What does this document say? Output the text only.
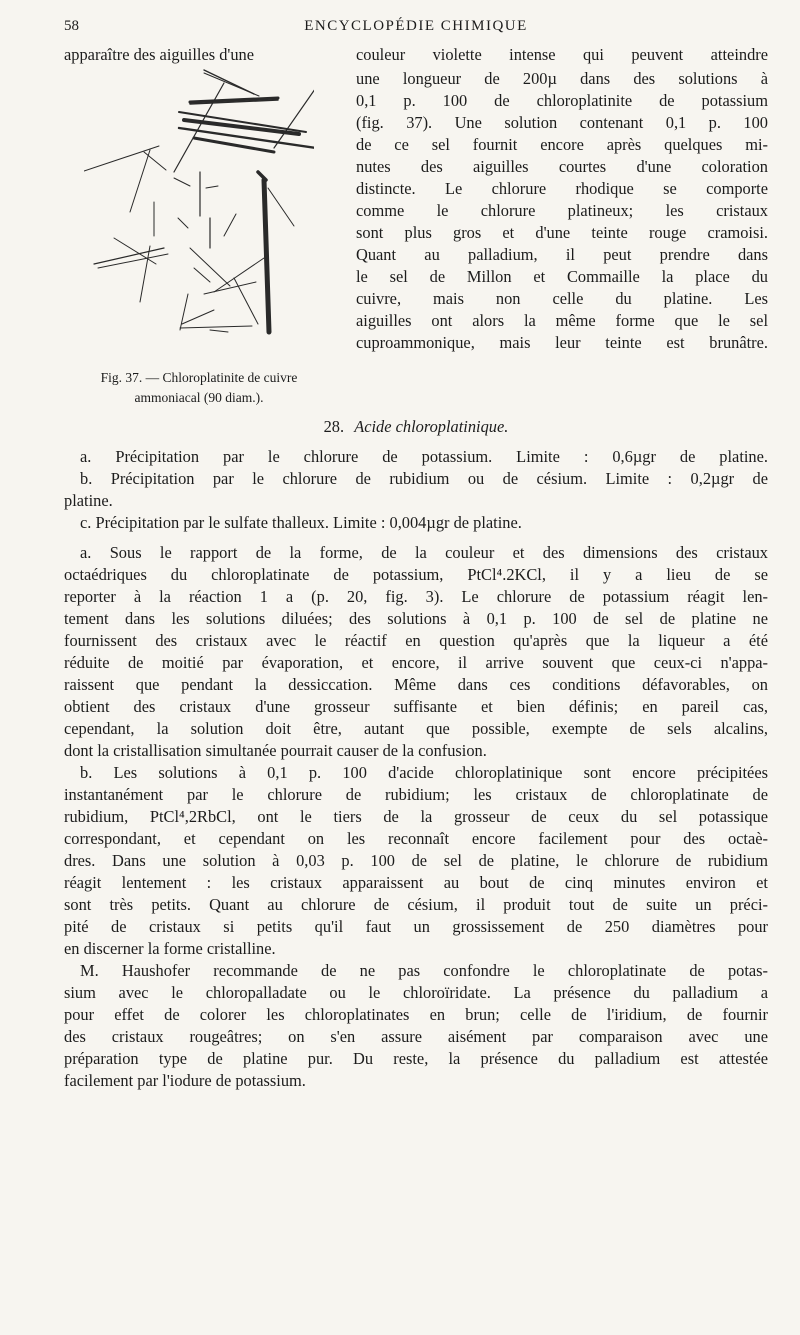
58	ENCYCLOPÉDIE CHIMIQUE
apparaître des aiguilles d'une	couleur violette intense qui peuvent atteindre

Fig. 37. — Chloroplatinite de cuivre
ammoniacal (90 diam.).
une longueur de 200µ dans des solutions à
0,1 p. 100 de chloroplatinite de potassium
(fig. 37). Une solution contenant 0,1 p. 100
de ce sel fournit encore après quelques mi-
nutes des aiguilles courtes d'une coloration
distincte. Le chlorure rhodique se comporte
comme le chlorure platineux; les cristaux
sont plus gros et d'une teinte rouge cramoisi.
Quant au palladium, il peut prendre dans
le sel de Millon et Commaille la place du
cuivre, mais non celle du platine. Les
aiguilles ont alors la même forme que le sel
cuproammonique, mais leur teinte est brunâtre.
28. Acide chloroplatinique.
a. Précipitation par le chlorure de potassium. Limite : 0,6µgr de platine.
b. Précipitation par le chlorure de rubidium ou de césium. Limite : 0,2µgr de
platine.
c. Précipitation par le sulfate thalleux. Limite : 0,004µgr de platine.
a. Sous le rapport de la forme, de la couleur et des dimensions des cristaux
octaédriques du chloroplatinate de potassium, PtCl⁴.2KCl, il y a lieu de se
reporter à la réaction 1 a (p. 20, fig. 3). Le chlorure de potassium réagit len-
tement dans les solutions diluées; des solutions à 0,1 p. 100 de sel de platine ne
fournissent des cristaux avec le réactif en question qu'après que la liqueur a été
réduite de moitié par évaporation, et encore, il arrive souvent que ceux-ci n'appa-
raissent que pendant la dessiccation. Même dans ces conditions défavorables, on
obtient des cristaux d'une grosseur suffisante et bien définis; en pareil cas,
cependant, la solution doit être, autant que possible, exempte de sels alcalins,
dont la cristallisation simultanée pourrait causer de la confusion.
b. Les solutions à 0,1 p. 100 d'acide chloroplatinique sont encore précipitées
instantanément par le chlorure de rubidium; les cristaux de chloroplatinate de
rubidium, PtCl⁴,2RbCl, ont le tiers de la grosseur de ceux du sel potassique
correspondant, et cependant on les reconnaît encore facilement pour des octaè-
dres. Dans une solution à 0,03 p. 100 de sel de platine, le chlorure de rubidium
réagit lentement : les cristaux apparaissent au bout de cinq minutes environ et
sont très petits. Quant au chlorure de césium, il produit tout de suite un préci-
pité de cristaux si petits qu'il faut un grossissement de 250 diamètres pour
en discerner la forme cristalline.
M. Haushofer recommande de ne pas confondre le chloroplatinate de potas-
sium avec le chloropalladate ou le chloroïridate. La présence du palladium a
pour effet de colorer les chloroplatinates en brun; celle de l'iridium, de fournir
des cristaux rougeâtres; on s'en assure aisément par comparaison avec une
préparation type de platine pur. Du reste, la présence du palladium est attestée
facilement par l'iodure de potassium.
